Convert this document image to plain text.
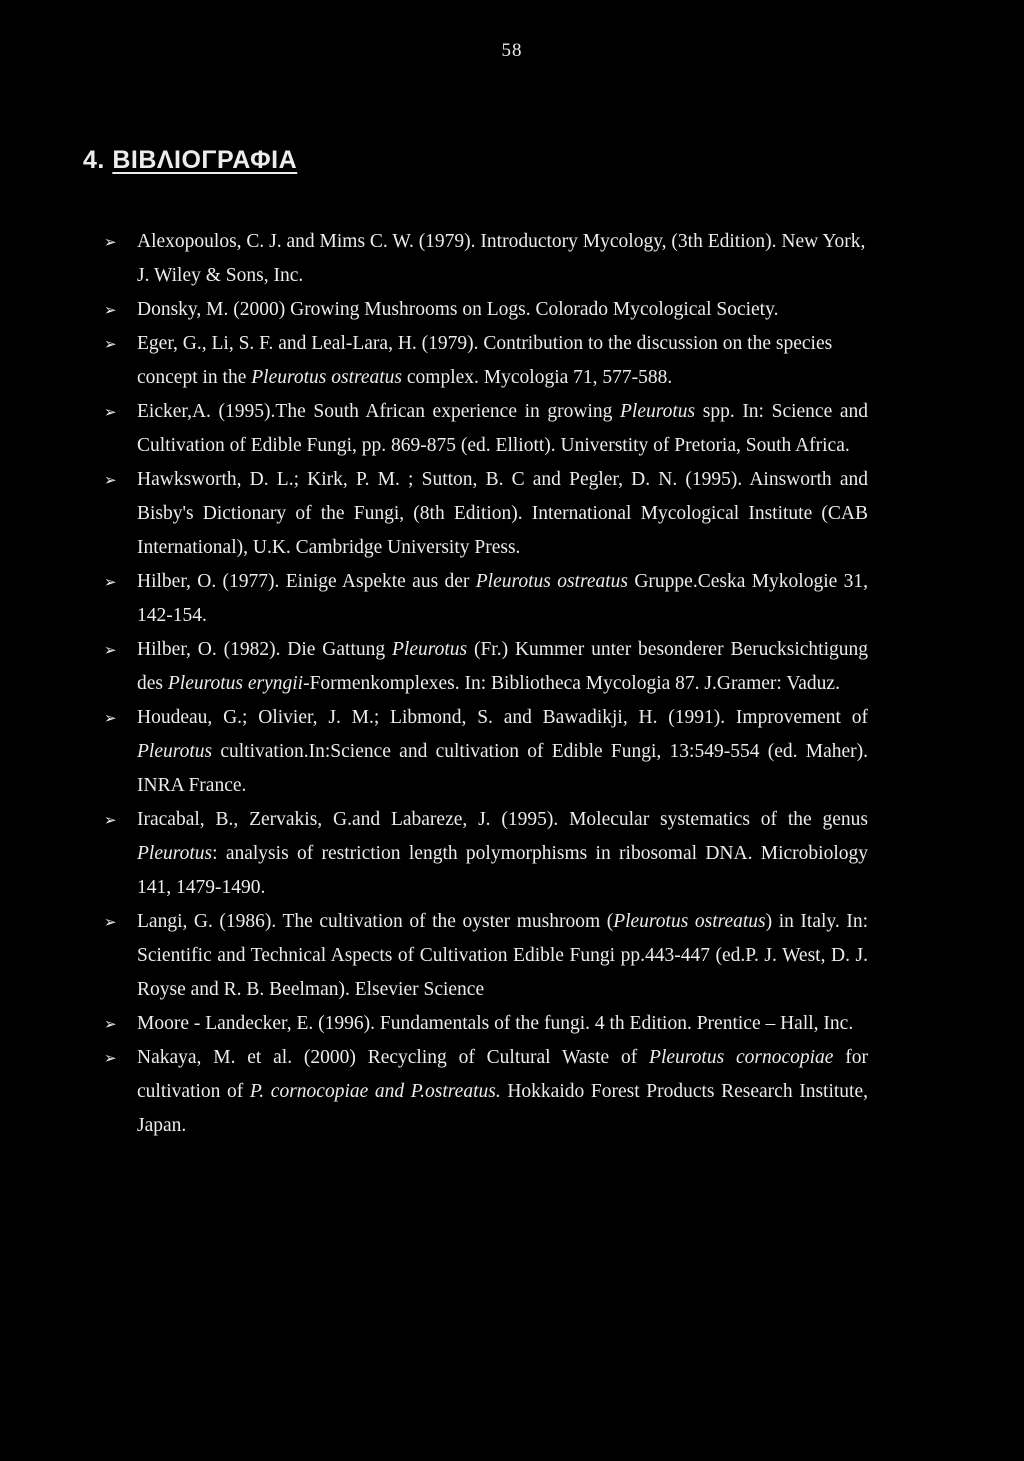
58
4. ΒΙΒΛΙΟΓΡΑΦΙΑ
➢ Alexopoulos, C. J. and Mims C. W. (1979). Introductory Mycology, (3th Edition). New York, J. Wiley & Sons, Inc.
➢ Donsky, M. (2000) Growing Mushrooms on Logs. Colorado Mycological Society.
➢ Eger, G., Li, S. F. and Leal-Lara, H. (1979). Contribution to the discussion on the species concept in the Pleurotus ostreatus complex. Mycologia 71, 577-588.
➢ Eicker,A. (1995).The South African experience in growing Pleurotus spp. In: Science and Cultivation of Edible Fungi, pp. 869-875 (ed. Elliott). Universtity of Pretoria, South Africa.
➢ Hawksworth, D. L.; Kirk, P. M. ; Sutton, B. C and Pegler, D. N. (1995). Ainsworth and Bisby's Dictionary of the Fungi, (8th Edition). International Mycological Institute (CAB International), U.K. Cambridge University Press.
➢ Hilber, O. (1977). Einige Aspekte aus der Pleurotus ostreatus Gruppe.Ceska Mykologie 31, 142-154.
➢ Hilber, O. (1982). Die Gattung Pleurotus (Fr.) Kummer unter besonderer Berucksichtigung des Pleurotus eryngii-Formenkomplexes. In: Bibliotheca Mycologia 87. J.Gramer: Vaduz.
➢ Houdeau, G.; Olivier, J. M.; Libmond, S. and Bawadikji, H. (1991). Improvement of Pleurotus cultivation.In:Science and cultivation of Edible Fungi, 13:549-554 (ed. Maher). INRA France.
➢ Iracabal, B., Zervakis, G.and Labareze, J. (1995). Molecular systematics of the genus Pleurotus: analysis of restriction length polymorphisms in ribosomal DNA. Microbiology 141, 1479-1490.
➢ Langi, G. (1986). The cultivation of the oyster mushroom (Pleurotus ostreatus) in Italy. In: Scientific and Technical Aspects of Cultivation Edible Fungi pp.443-447 (ed.P. J. West, D. J. Royse and R. B. Beelman). Elsevier Science
➢ Moore - Landecker, E. (1996). Fundamentals of the fungi. 4 th Edition. Prentice – Hall, Inc.
➢ Nakaya, M. et al. (2000) Recycling of Cultural Waste of Pleurotus cornocopiae for cultivation of P. cornocopiae and P.ostreatus. Hokkaido Forest Products Research Institute, Japan.
